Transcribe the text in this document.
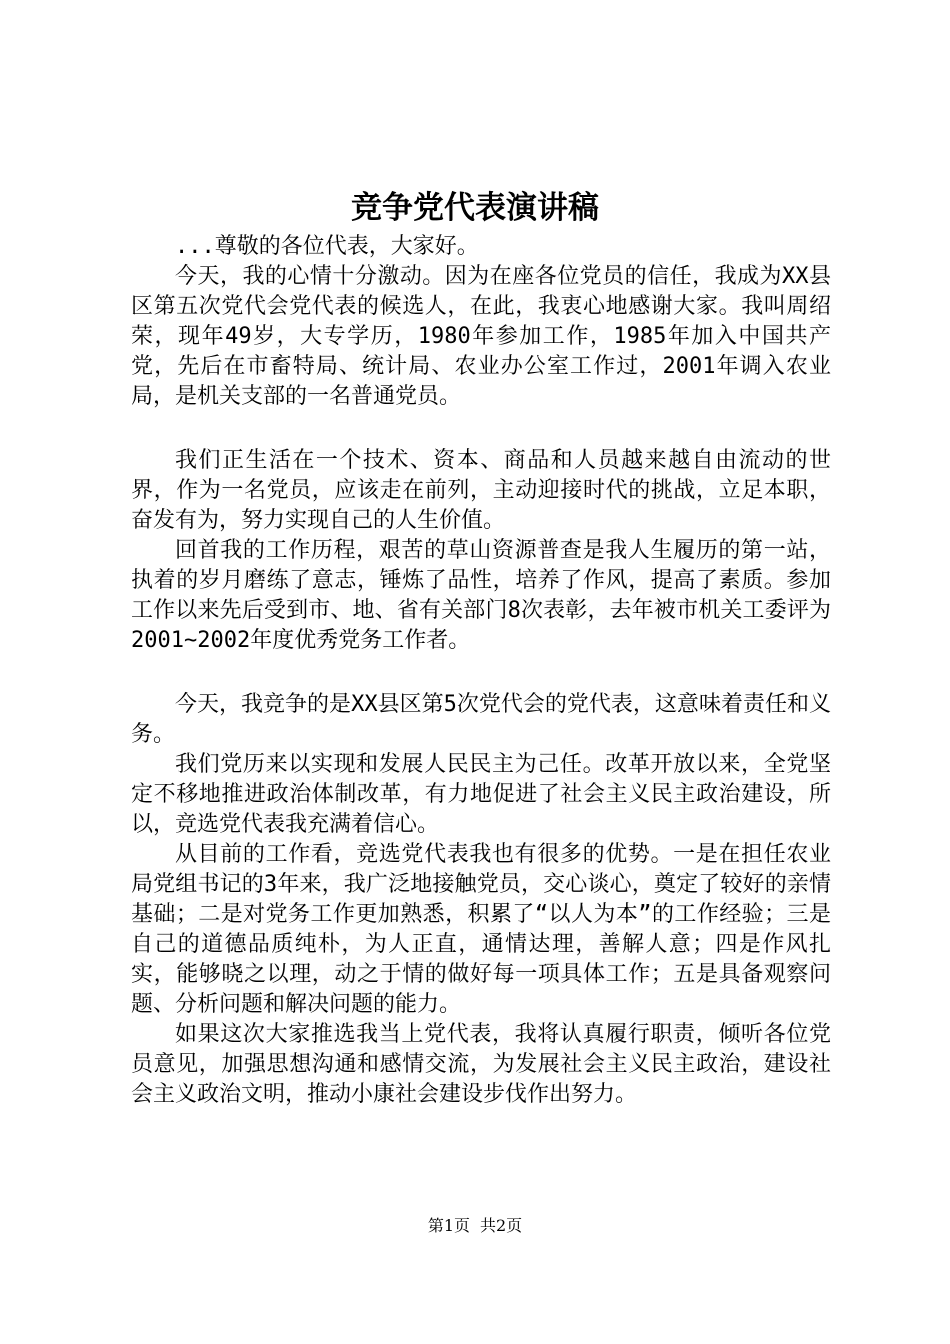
竞争党代表演讲稿

...尊敬的各位代表，大家好。

今天，我的心情十分激动。因为在座各位党员的信任，我成为XX县区第五次党代会党代表的候选人，在此，我衷心地感谢大家。我叫周绍荣，现年49岁，大专学历，1980年参加工作，1985年加入中国共产党，先后在市畜特局、统计局、农业办公室工作过，2001年调入农业局，是机关支部的一名普通党员。

我们正生活在一个技术、资本、商品和人员越来越自由流动的世界，作为一名党员，应该走在前列，主动迎接时代的挑战，立足本职，奋发有为，努力实现自己的人生价值。

回首我的工作历程，艰苦的草山资源普查是我人生履历的第一站，执着的岁月磨练了意志，锤炼了品性，培养了作风，提高了素质。参加工作以来先后受到市、地、省有关部门8次表彰，去年被市机关工委评为2001~2002年度优秀党务工作者。

今天，我竞争的是XX县区第5次党代会的党代表，这意味着责任和义务。

我们党历来以实现和发展人民民主为己任。改革开放以来，全党坚定不移地推进政治体制改革，有力地促进了社会主义民主政治建设，所以，竞选党代表我充满着信心。

从目前的工作看，竞选党代表我也有很多的优势。一是在担任农业局党组书记的3年来，我广泛地接触党员，交心谈心，奠定了较好的亲情基础；二是对党务工作更加熟悉，积累了“以人为本”的工作经验；三是自己的道德品质纯朴，为人正直，通情达理，善解人意；四是作风扎实，能够晓之以理，动之于情的做好每一项具体工作；五是具备观察问题、分析问题和解决问题的能力。

如果这次大家推选我当上党代表，我将认真履行职责，倾听各位党员意见，加强思想沟通和感情交流，为发展社会主义民主政治，建设社会主义政治文明，推动小康社会建设步伐作出努力。

第1页 共2页
